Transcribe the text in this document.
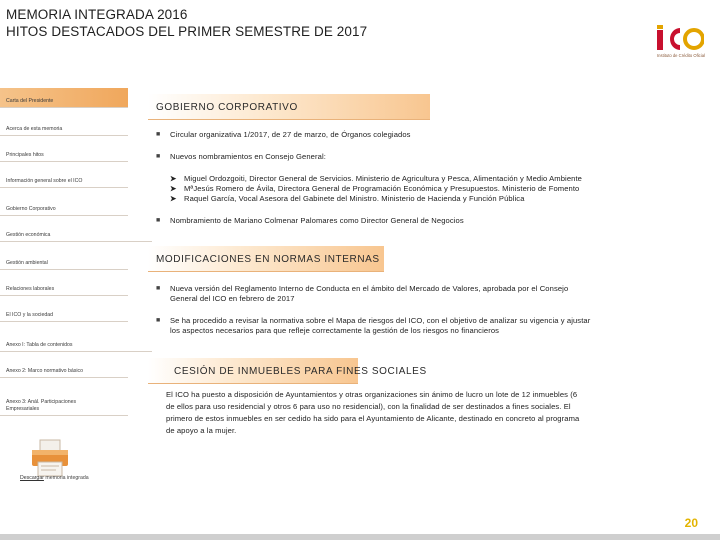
MEMORIA INTEGRADA 2016
HITOS DESTACADOS DEL PRIMER SEMESTRE DE 2017
Instituto de Crédito Oficial
Carta del Presidente
Acerca de esta memoria
Principales hitos
Información general sobre el ICO
Gobierno Corporativo
Gestión económica
Gestión ambiental
Relaciones laborales
El ICO y la sociedad
Anexo I: Tabla de contenidos
Anexo 2: Marco normativo básico
Anexo 3: Anál. Participaciones Empresariales
Descargar memoria integrada
GOBIERNO CORPORATIVO
■ Circular organizativa 1/2017, de 27 de marzo, de Órganos colegiados
■ Nuevos nombramientos en Consejo General:
➤ Miguel Ordozgoiti, Director General de Servicios. Ministerio de Agricultura y Pesca, Alimentación y Medio Ambiente
➤ MªJesús Romero de Ávila, Directora General de Programación Económica y Presupuestos. Ministerio de Fomento
➤ Raquel García, Vocal Asesora del Gabinete del Ministro. Ministerio de Hacienda y Función Pública
■ Nombramiento de Mariano Colmenar Palomares como Director General de Negocios
MODIFICACIONES EN NORMAS INTERNAS
■ Nueva versión del Reglamento Interno de Conducta en el ámbito del Mercado de Valores, aprobada por el Consejo
General del ICO en febrero de 2017
■ Se ha procedido a revisar la normativa sobre el Mapa de riesgos del ICO, con el objetivo de analizar su vigencia y ajustar
los aspectos necesarios para que refleje correctamente la gestión de los riesgos no financieros
CESIÓN DE INMUEBLES PARA FINES SOCIALES
El ICO ha puesto a disposición de Ayuntamientos y otras organizaciones sin ánimo de lucro un lote de 12 inmuebles (6
de ellos para uso residencial y otros 6 para uso no residencial), con la finalidad de ser destinados a fines sociales. El
primero de estos inmuebles en ser cedido ha sido para el Ayuntamiento de Alicante, destinado en concreto al programa
de apoyo a la mujer.
20
